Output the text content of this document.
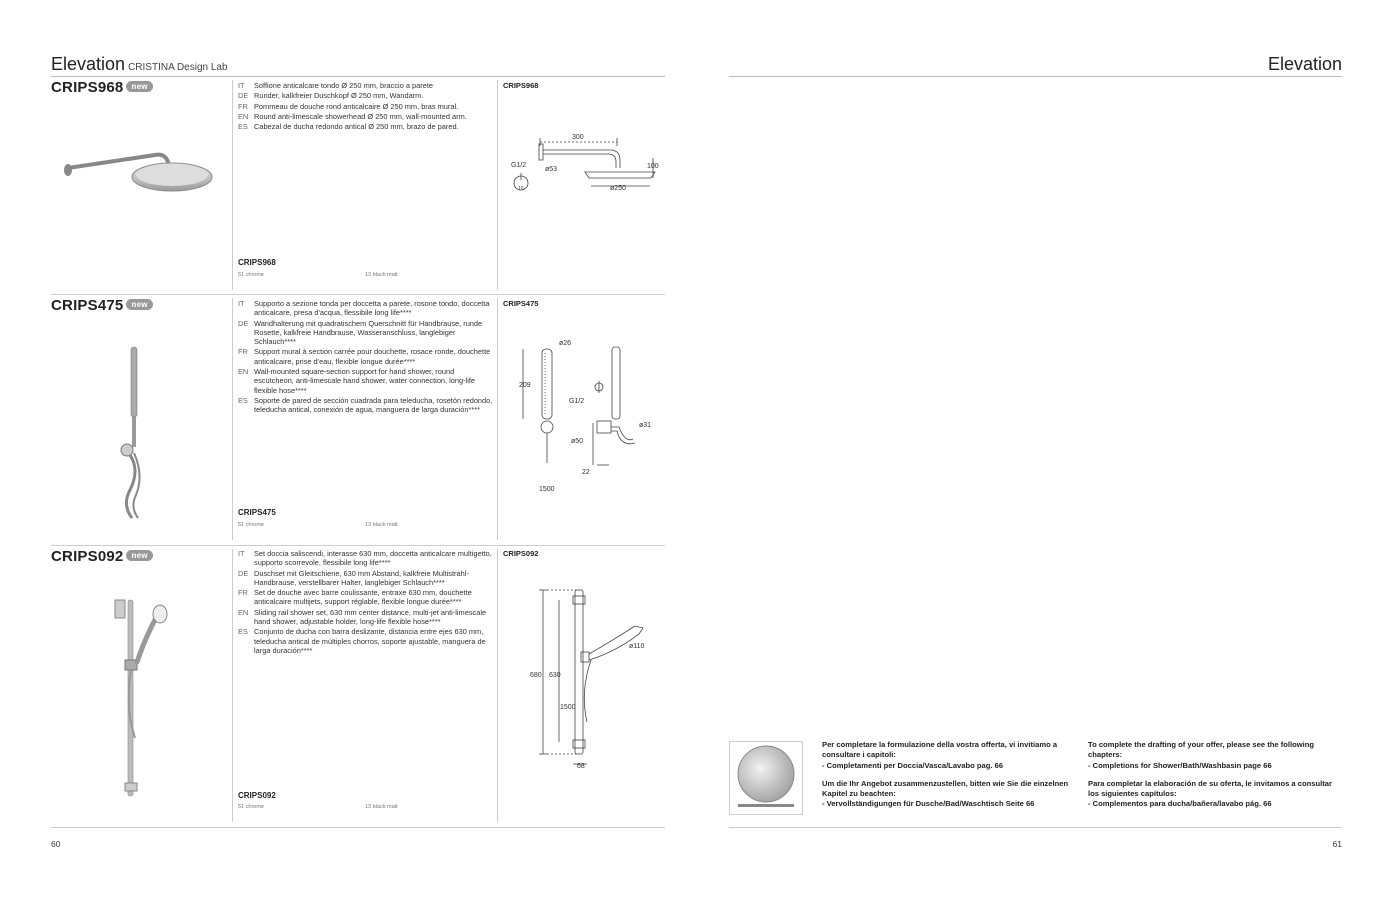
Elevation CRISTINA Design Lab	Elevation
CRIPS968 new	IT	Soffione anticalcare tondo Ø 250 mm, braccio a parete
DE Runder, kalkfreier Duschkopf Ø 250 mm, Wandarm.
FR Pommeau de douche rond anticalcaire Ø 250 mm, bras mural.
EN Round anti-limescale showerhead Ø 250 mm, wall-mounted arm.
ES Cabezal de ducha redondo antical Ø 250 mm, brazo de pared.
CRIPS968
51 chrome	13 black matt
CRIPS968
300
100
G1/2
ø53
ø250
10
CRIPS475 new	IT	Supporto a sezione tonda per doccetta a parete, rosone tondo, doccetta anticalcare, presa d'acqua, flessibile long life****
DE Wandhalterung mit quadratischem Querschnitt für Handbrause, runde Rosette, kalkfreie Handbrause, Wasseranschluss, langlebiger Schlauch****
FR Support mural à section carrée pour douchette, rosace ronde, douchette anticalcaire, prise d'eau, flexible longue durée****
EN Wall-mounted square-section support for hand shower, round escutcheon, anti-limescale hand shower, water connection, long-life flexible hose****
ES Soporte de pared de sección cuadrada para teleducha, rosetón redondo, teleducha antical, conexión de agua, manguera de larga duración****
CRIPS475
51 chrome	13 black matt
CRIPS475
ø26
209
G1/2
ø31
ø50
22
1500
CRIPS092 new	IT	Set doccia saliscendi, interasse 630 mm, doccetta anticalcare multigetto, supporto scorrevole, flessibile long life****
DE Duschset mit Gleitschiene, 630 mm Abstand, kalkfreie Multistrahl-Handbrause, verstellbarer Halter, langlebiger Schlauch****
FR Set de douche avec barre coulissante, entraxe 630 mm, douchette anticalcaire multijets, support réglable, flexible longue durée****
EN Sliding rail shower set, 630 mm center distance, multi-jet anti-limescale hand shower, adjustable holder, long-life flexible hose****
ES Conjunto de ducha con barra deslizante, distancia entre ejes 630 mm, teleducha antical de múltiples chorros, soporte ajustable, manguera de larga duración****
CRIPS092
51 chrome	13 black matt
CRIPS092
ø110
680 630
1500
68
60

Per completare la formulazione della vostra offerta, vi invitiamo a consultare i capitoli:
- Completamenti per Doccia/Vasca/Lavabo pag. 66

Um die Ihr Angebot zusammenzustellen, bitten wie Sie die einzelnen Kapitel zu beachten:
- Vervollständigungen für Dusche/Bad/Waschtisch Seite 66

To complete the drafting of your offer, please see the following chapters:
- Completions for Shower/Bath/Washbasin page 66

Para completar la elaboración de su oferta, le invitamos a consultar los siguientes capítulos:
- Complementos para ducha/bañera/lavabo pág. 66

61
